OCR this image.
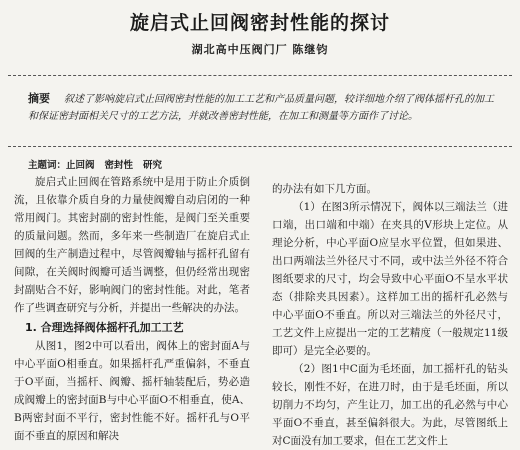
旋启式止回阀密封性能的探讨
湖北高中压阀门厂 陈继钧
摘要 叙述了影响旋启式止回阀密封性能的加工工艺和产品质量问题，较详细地介绍了阀体摇杆孔的加工和保证密封面相关尺寸的工艺方法，并就改善密封性能，在加工和测量等方面作了讨论。
主题词：止回阀 密封性 研究

旋启式止回阀在管路系统中是用于防止介质倒流，且依靠介质自身的力量使阀瓣自动启闭的一种常用阀门。其密封副的密封性能，是阀门至关重要的质量问题。然而，多年来一些制造厂在旋启式止回阀的生产制造过程中，尽管阀瓣轴与摇杆孔留有间隙，在关阀时阀瓣可适当调整，但仍经常出现密封副贴合不好，影响阀门的密封性能。对此，笔者作了些调查研究与分析，并提出一些解决的办法。

1. 合理选择阀体摇杆孔加工工艺

从图1，图2中可以看出，阀体上的密封面A与中心平面O相垂直。如果摇杆孔严重偏斜，不垂直于O平面，当摇杆、阀瓣、摇杆轴装配后，势必造成阀瓣上的密封面B与中心平面O不相垂直，使A、B两密封面不平行，密封性能不好。摇杆孔与O平面不垂直的原因和解决

的办法有如下几方面。

（1）在图3所示情况下，阀体以三端法兰（进口端，出口端和中端）在夹具的V形块上定位。从理论分析，中心平面O应呈水平位置，但如果进、出口两端法兰外径尺寸不同，或中法兰外径不符合图纸要求的尺寸，均会导致中心平面O不呈水平状态（排除夹具因素）。这样加工出的摇杆孔必然与中心平面O不垂直。所以对三端法兰的外径尺寸，工艺文件上应提出一定的工艺精度（一般规定11级即可）是完全必要的。

（2）图1中C面为毛坯面，加工摇杆孔的钻头较长，刚性不好，在进刀时，由于是毛坯面，所以切削力不均匀，产生让刀，加工出的孔必然与中心平面O不垂直，甚至偏斜很大。为此，尽管图纸上对C面没有加工要求，但在工艺文件上
